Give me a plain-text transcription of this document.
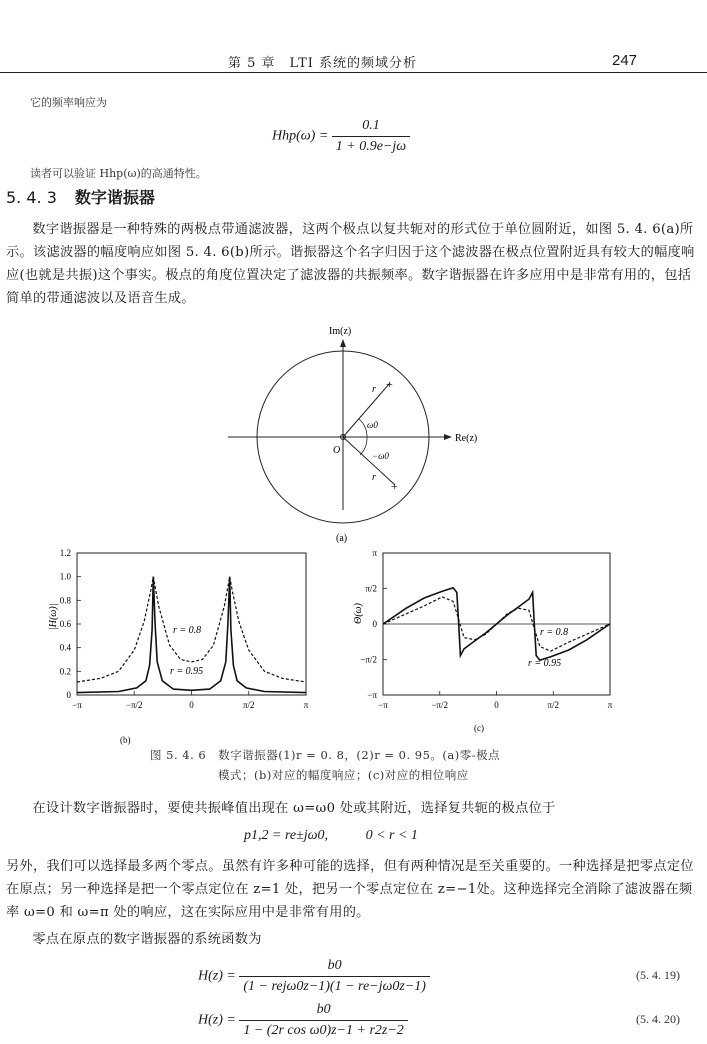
第 5 章　LTI 系统的频域分析	247
它的频率响应为
$Hhp(\omega) = \frac{0.1}{1 + 0.9e-j\omega}$
读者可以验证 Hhp(ω)的高通特性。
5. 4. 3 数字谐振器
数字谐振器是一种特殊的两极点带通滤波器，这两个极点以复共轭对的形式位于单位圆附近，如图 5. 4. 6(a)所示。该滤波器的幅度响应如图 5. 4. 6(b)所示。谐振器这个名字归因于这个滤波器在极点位置附近具有较大的幅度响应(也就是共振)这个事实。极点的角度位置决定了滤波器的共振频率。数字谐振器在许多应用中是非常有用的，包括简单的带通滤波以及语音生成。
Im(z)
Re(z)
O
+
+
r
r
ω0
−ω0
(a)
1.2
1.0
0.8
0.6
0.4
0.2
0
−π	−π/2	0	π/2	π
|H(ω)|
r = 0.8
r = 0.95
(b)
π
π/2
0
−π/2
−π
−π	−π/2	0	π/2	π
Θ(ω)
r = 0.8
r = 0.95
(c)
图 5. 4. 6　数字谐振器(1)r = 0. 8，(2)r = 0. 95。(a)零-极点
模式；(b)对应的幅度响应；(c)对应的相位响应
在设计数字谐振器时，要使共振峰值出现在 ω=ω0 处或其附近，选择复共轭的极点位于
p1,2 = re±jω0,	0 < r < 1
另外，我们可以选择最多两个零点。虽然有许多种可能的选择，但有两种情况是至关重要的。一种选择是把零点定位在原点；另一种选择是把一个零点定位在 z=1 处，把另一个零点定位在 z=−1处。这种选择完全消除了滤波器在频率 ω=0 和 ω=π 处的响应，这在实际应用中是非常有用的。
零点在原点的数字谐振器的系统函数为
$H(z) = \frac{b0}{\text{(1 − rejω0z−1)(1 − re−jω0z−1)}}$	(5. 4. 19)
$H(z) = \frac{b0}{\text{1 − (2r cos ω0)z−1 + r2z−2}}$	(5. 4. 20)
